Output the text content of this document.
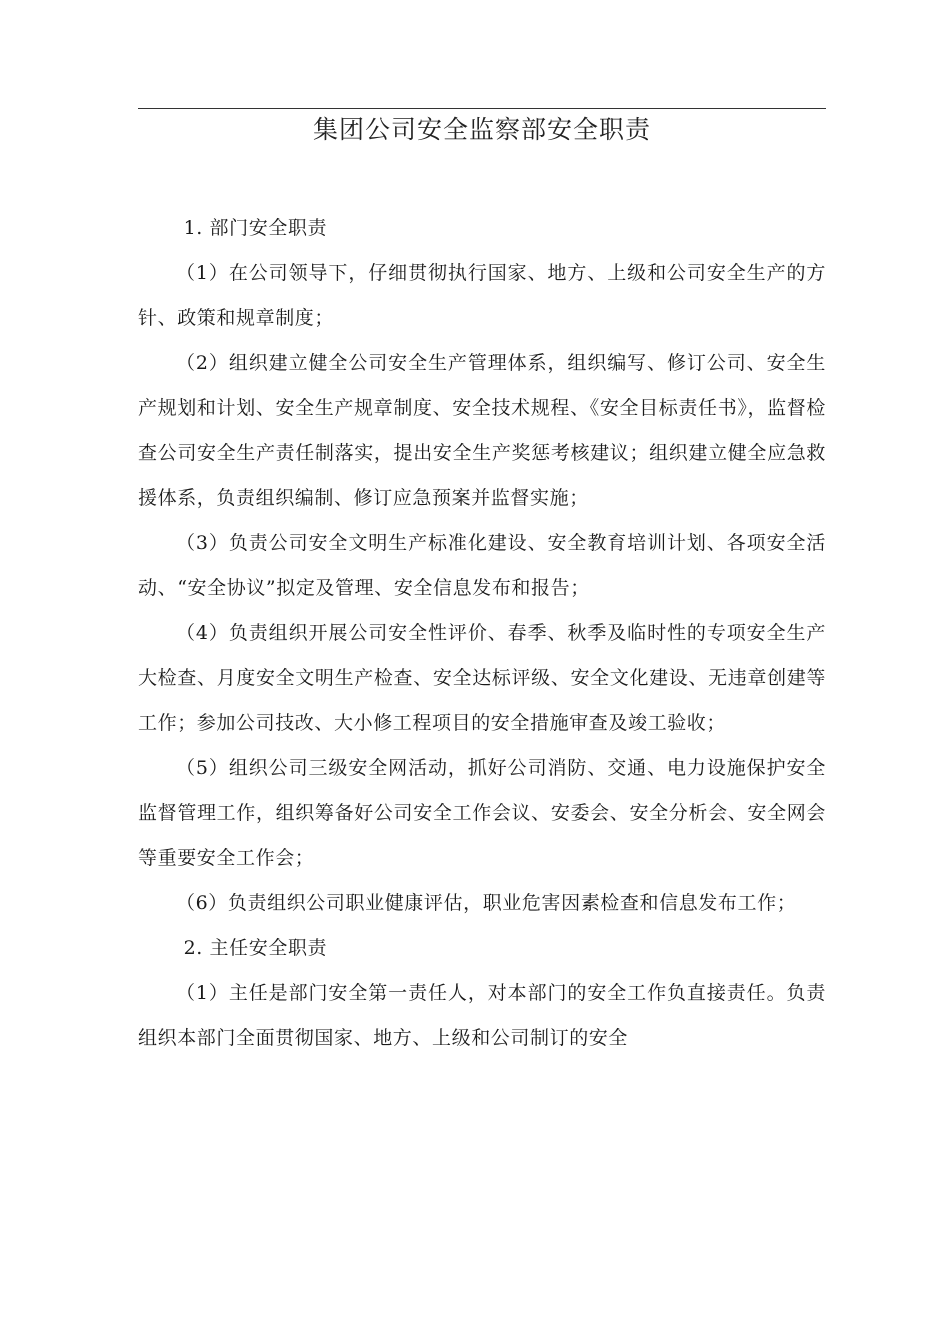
集团公司安全监察部安全职责

1. 部门安全职责

（1）在公司领导下，仔细贯彻执行国家、地方、上级和公司安全生产的方针、政策和规章制度；

（2）组织建立健全公司安全生产管理体系，组织编写、修订公司、安全生产规划和计划、安全生产规章制度、安全技术规程、《安全目标责任书》，监督检查公司安全生产责任制落实，提出安全生产奖惩考核建议；组织建立健全应急救援体系，负责组织编制、修订应急预案并监督实施；

（3）负责公司安全文明生产标准化建设、安全教育培训计划、各项安全活动、“安全协议”拟定及管理、安全信息发布和报告；

（4）负责组织开展公司安全性评价、春季、秋季及临时性的专项安全生产大检查、月度安全文明生产检查、安全达标评级、安全文化建设、无违章创建等工作；参加公司技改、大小修工程项目的安全措施审查及竣工验收；

（5）组织公司三级安全网活动，抓好公司消防、交通、电力设施保护安全监督管理工作，组织筹备好公司安全工作会议、安委会、安全分析会、安全网会等重要安全工作会；

（6）负责组织公司职业健康评估，职业危害因素检查和信息发布工作；

2. 主任安全职责

（1）主任是部门安全第一责任人，对本部门的安全工作负直接责任。负责组织本部门全面贯彻国家、地方、上级和公司制订的安全
